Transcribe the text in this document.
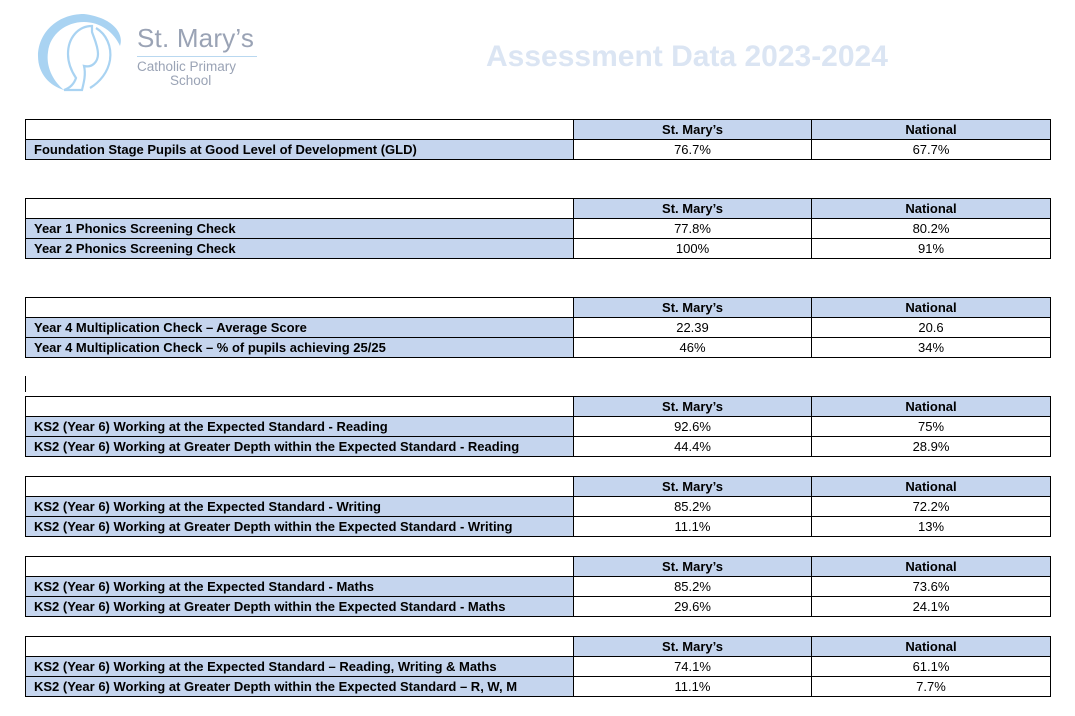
St. Mary’s
Catholic Primary
School
Assessment Data 2023-2024
	St. Mary’s	National
Foundation Stage Pupils at Good Level of Development (GLD)	76.7%	67.7%
	St. Mary’s	National
Year 1 Phonics Screening Check	77.8%	80.2%
Year 2 Phonics Screening Check	100%	91%
	St. Mary’s	National
Year 4 Multiplication Check – Average Score	22.39	20.6
Year 4 Multiplication Check – % of pupils achieving 25/25	46%	34%
	St. Mary’s	National
KS2 (Year 6) Working at the Expected Standard - Reading	92.6%	75%
KS2 (Year 6) Working at Greater Depth within the Expected Standard - Reading	44.4%	28.9%
	St. Mary’s	National
KS2 (Year 6) Working at the Expected Standard - Writing	85.2%	72.2%
KS2 (Year 6) Working at Greater Depth within the Expected Standard - Writing	11.1%	13%
	St. Mary’s	National
KS2 (Year 6) Working at the Expected Standard - Maths	85.2%	73.6%
KS2 (Year 6) Working at Greater Depth within the Expected Standard - Maths	29.6%	24.1%
	St. Mary’s	National
KS2 (Year 6) Working at the Expected Standard – Reading, Writing & Maths	74.1%	61.1%
KS2 (Year 6) Working at Greater Depth within the Expected Standard – R, W, M	11.1%	7.7%
